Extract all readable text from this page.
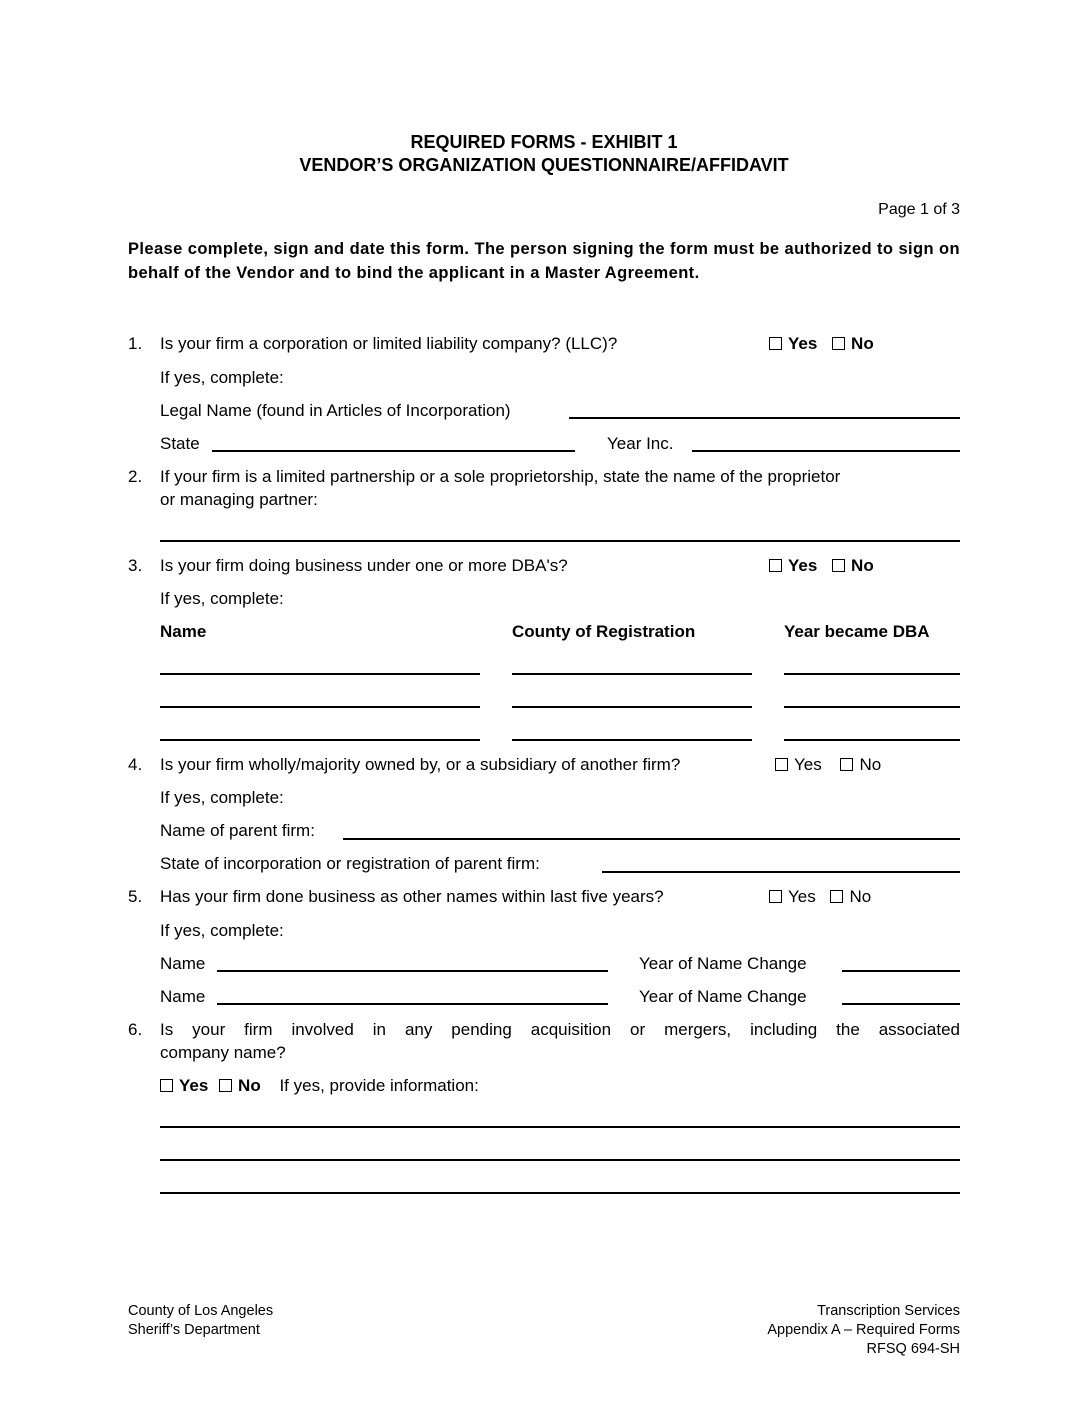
REQUIRED FORMS - EXHIBIT 1
VENDOR’S ORGANIZATION QUESTIONNAIRE/AFFIDAVIT
Page 1 of 3
Please complete, sign and date this form. The person signing the form must be authorized to sign on behalf of the Vendor and to bind the applicant in a Master Agreement.
1. Is your firm a corporation or limited liability company? (LLC)?	Yes No
If yes, complete:
Legal Name (found in Articles of Incorporation)
State	Year Inc.
2. If your firm is a limited partnership or a sole proprietorship, state the name of the proprietor
or managing partner:
3. Is your firm doing business under one or more DBA's?	Yes No
If yes, complete:
Name	County of Registration	Year became DBA
4. Is your firm wholly/majority owned by, or a subsidiary of another firm?	Yes No
If yes, complete:
Name of parent firm:
State of incorporation or registration of parent firm:
5. Has your firm done business as other names within last five years?	Yes No
If yes, complete:
Name	Year of Name Change
Name	Year of Name Change
6. Is your firm involved in any pending acquisition or mergers, including the associated
company name?
Yes No If yes, provide information:
County of Los Angeles
Sheriff’s Department
Transcription Services
Appendix A – Required Forms
RFSQ 694-SH
